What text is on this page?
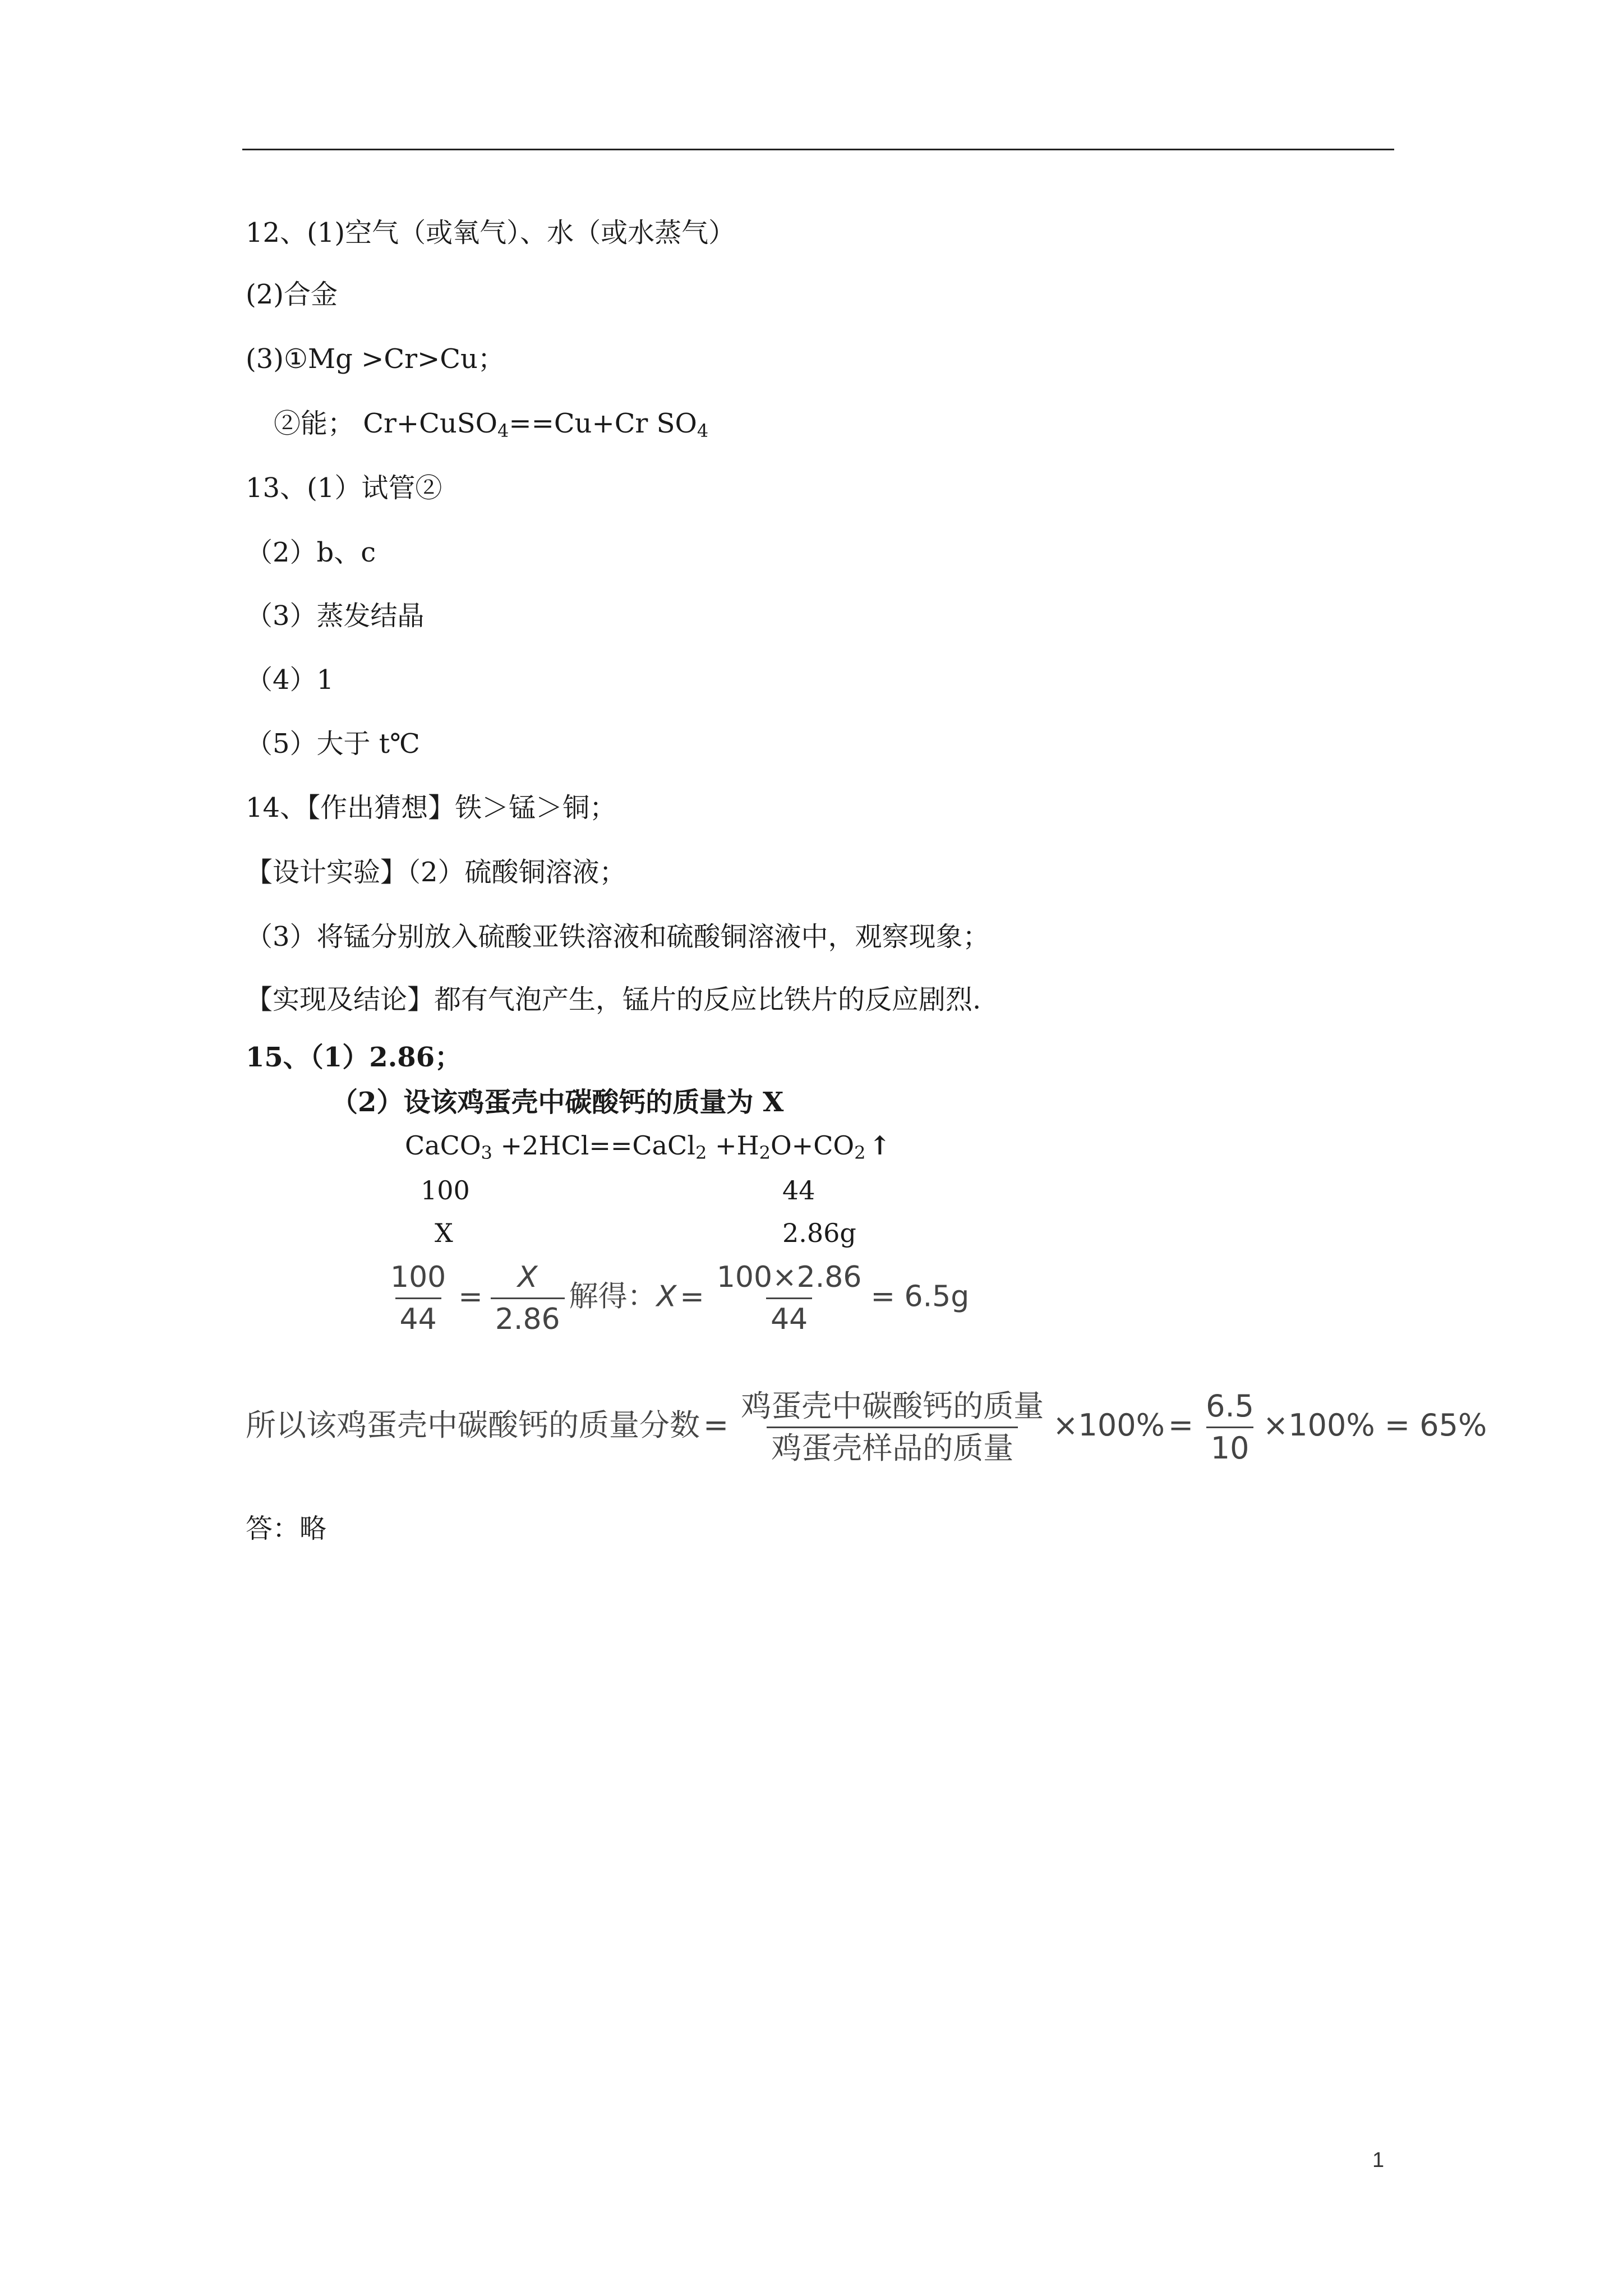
12、(1)空气（或氧气）、水（或水蒸气）
(2)合金
(3)①Mg >Cr>Cu；
②能； Cr+CuSO$_4$==Cu+Cr $SO_4$
13、(1）试管②
（2）b、c
（3）蒸发结晶
（4）1
（5）大于 t℃
14、【作出猜想】铁＞锰＞铜；
【设计实验】（2）硫酸铜溶液；
（3）将锰分别放入硫酸亚铁溶液和硫酸铜溶液中，观察现象；
【实现及结论】都有气泡产生，锰片的反应比铁片的反应剧烈.
15、（1）2.86；
（2）设该鸡蛋壳中碳酸钙的质量为 X
CaCO$_3$ +2HCl==CaCl$_2$ $+H_2O+CO_2$ ↑
100	44
X	2.86g
$\frac{100}{44} = \frac{X}{2.86}$ 解得：$X = \frac{100\times 2.86}{44} = 6.5g$
所以该鸡蛋壳中碳酸钙的质量分数 = $\frac{\text{鸡蛋壳中碳酸钙的质量}}{\text{鸡蛋壳样品的质量}} \times 100\% = \frac{6.5}{10} \times 100\% = 65\%$
答：略
1
